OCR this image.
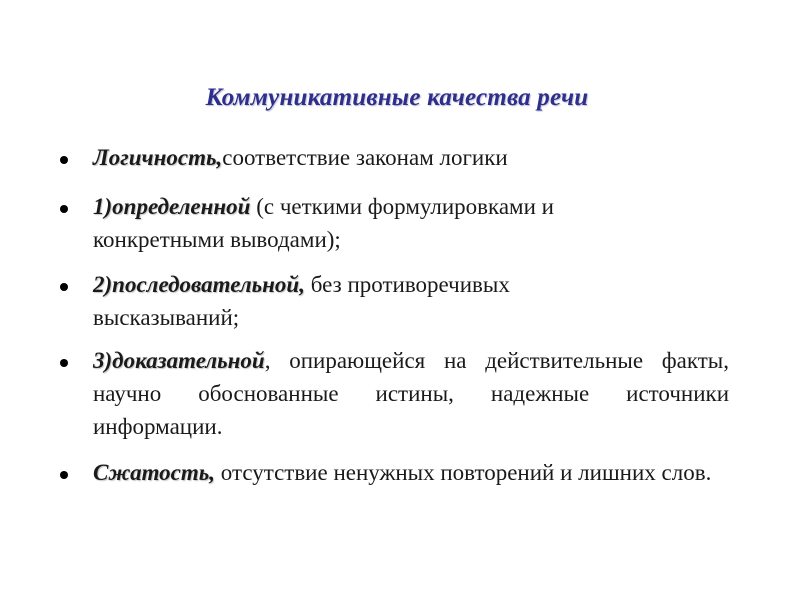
Коммуникативные качества речи
Логичность,соответствие законам логики
1)определенной (с четкими формулировками и конкретными выводами);
2)последовательной, без противоречивых высказываний;
3)доказательной, опирающейся на действительные факты, научно обоснованные истины, надежные источники информации.
Сжатость, отсутствие ненужных повторений и лишних слов.
